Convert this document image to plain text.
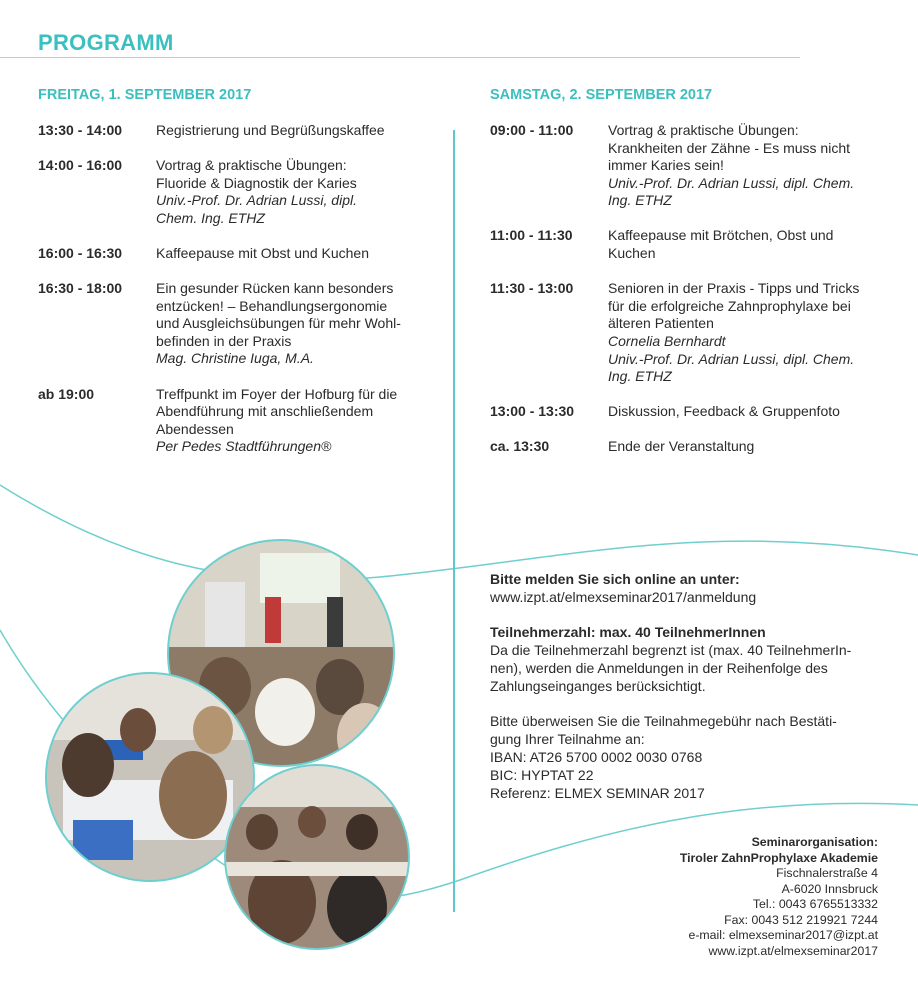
PROGRAMM
FREITAG, 1. SEPTEMBER 2017	SAMSTAG, 2. SEPTEMBER 2017
13:30 - 14:00	Registrierung und Begrüßungskaffee
14:00 - 16:00	Vortrag & praktische Übungen:
Fluoride & Diagnostik der Karies
Univ.-Prof. Dr. Adrian Lussi, dipl.
Chem. Ing. ETHZ
16:00 - 16:30	Kaffeepause mit Obst und Kuchen
16:30 - 18:00	Ein gesunder Rücken kann besonders
entzücken! – Behandlungsergonomie
und Ausgleichsübungen für mehr Wohl-
befinden in der Praxis
Mag. Christine Iuga, M.A.
ab 19:00	Treffpunkt im Foyer der Hofburg für die
Abendführung mit anschließendem
Abendessen
Per Pedes Stadtführungen®
09:00 - 11:00	Vortrag & praktische Übungen:
Krankheiten der Zähne - Es muss nicht
immer Karies sein!
Univ.-Prof. Dr. Adrian Lussi, dipl. Chem.
Ing. ETHZ
11:00 - 11:30	Kaffeepause mit Brötchen, Obst und
Kuchen
11:30 - 13:00	Senioren in der Praxis - Tipps und Tricks
für die erfolgreiche Zahnprophylaxe bei
älteren Patienten
Cornelia Bernhardt
Univ.-Prof. Dr. Adrian Lussi, dipl. Chem.
Ing. ETHZ
13:00 - 13:30	Diskussion, Feedback & Gruppenfoto
ca. 13:30	Ende der Veranstaltung
Bitte melden Sie sich online an unter:
www.izpt.at/elmexseminar2017/anmeldung
Teilnehmerzahl: max. 40 TeilnehmerInnen
Da die Teilnehmerzahl begrenzt ist (max. 40 TeilnehmerIn-
nen), werden die Anmeldungen in der Reihenfolge des
Zahlungseinganges berücksichtigt.
Bitte überweisen Sie die Teilnahmegebühr nach Bestäti-
gung Ihrer Teilnahme an:
IBAN: AT26 5700 0002 0030 0768
BIC: HYPTAT 22
Referenz: ELMEX SEMINAR 2017
Seminarorganisation:
Tiroler ZahnProphylaxe Akademie
Fischnalerstraße 4
A-6020 Innsbruck
Tel.: 0043 6765513332
Fax: 0043 512 219921 7244
e-mail: elmexseminar2017@izpt.at
www.izpt.at/elmexseminar2017
